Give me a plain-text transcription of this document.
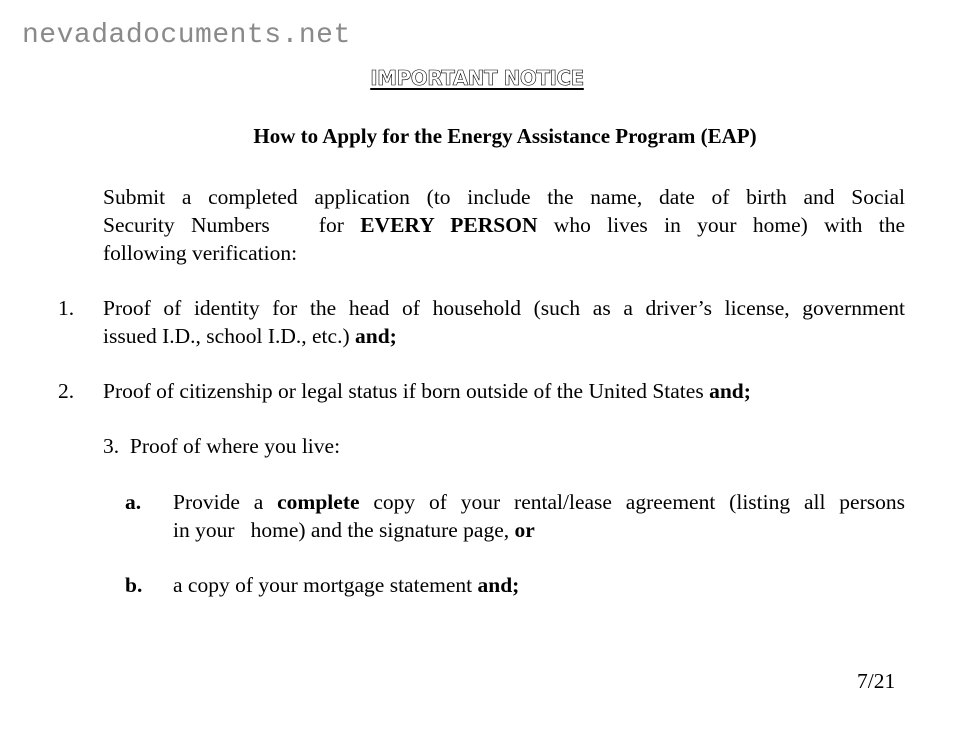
nevadadocuments.net
IMPORTANT NOTICE
How to Apply for the Energy Assistance Program (EAP)
Submit a completed application (to include the name, date of birth and Social
Security Numbers   for EVERY PERSON who lives in your home) with the
following verification:
1. Proof of identity for the head of household (such as a driver’s license, government
issued I.D., school I.D., etc.) and;
2. Proof of citizenship or legal status if born outside of the United States and;
3.  Proof of where you live:
a. Provide a complete copy of your rental/lease agreement (listing all persons
in your   home) and the signature page, or
b. a copy of your mortgage statement and;
7/21
